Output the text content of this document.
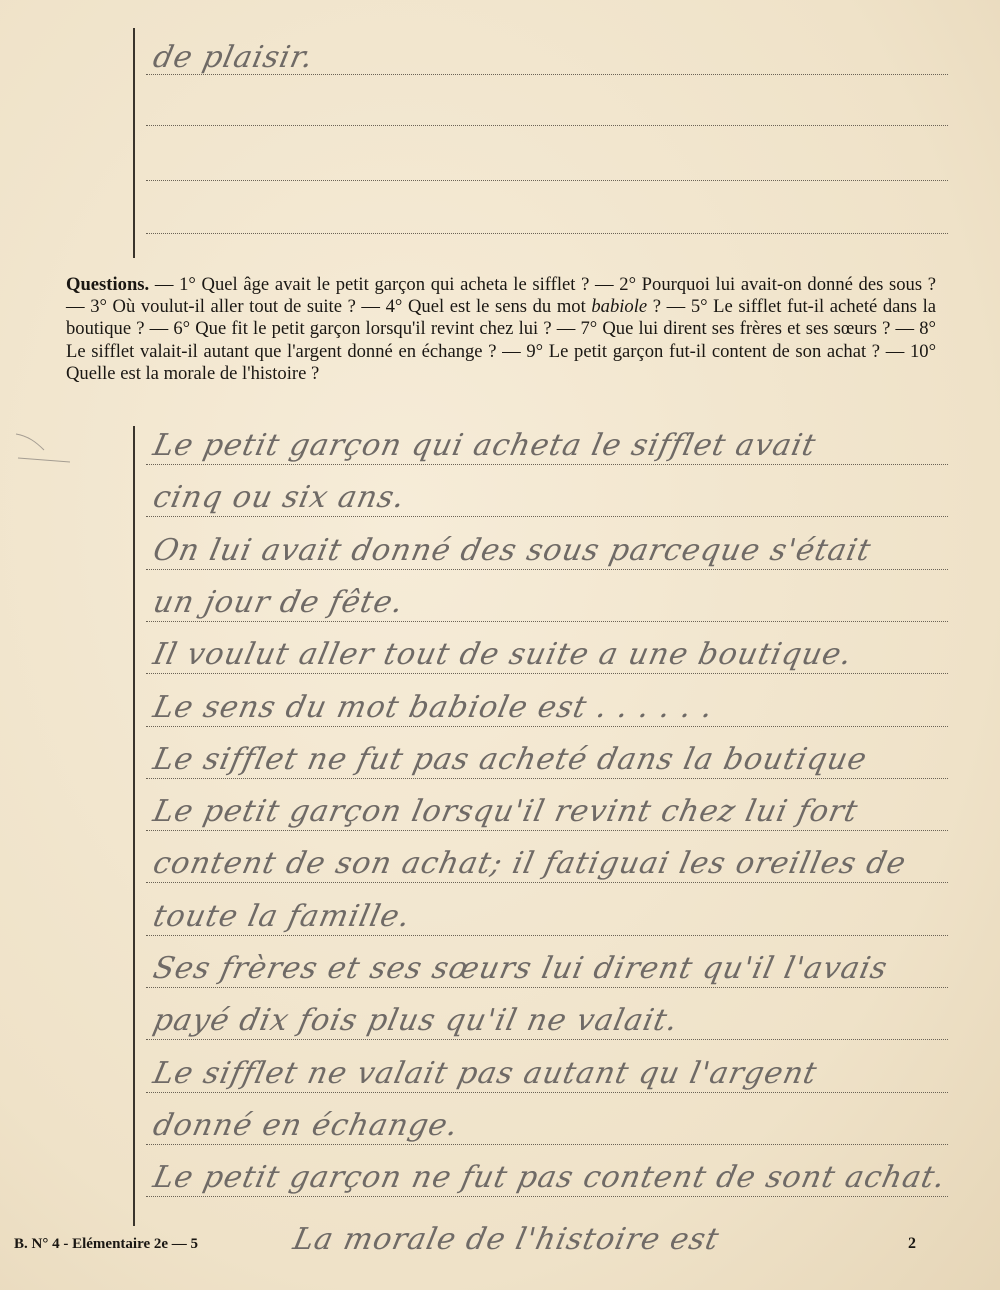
de plaisir.
Questions. — 1° Quel âge avait le petit garçon qui acheta le sifflet ? — 2° Pourquoi lui avait-on donné des sous ? — 3° Où voulut-il aller tout de suite ? — 4° Quel est le sens du mot babiole ? — 5° Le sifflet fut-il acheté dans la boutique ? — 6° Que fit le petit garçon lorsqu'il revint chez lui ? — 7° Que lui dirent ses frères et ses sœurs ? — 8° Le sifflet valait-il autant que l'argent donné en échange ? — 9° Le petit garçon fut-il content de son achat ? — 10° Quelle est la morale de l'histoire ?
Le petit garçon qui acheta le sifflet avait
cinq ou six ans.
On lui avait donné des sous parceque s'était
un jour de fête.
Il voulut aller tout de suite a une boutique.
Le sens du mot babiole est . . . . . .
Le sifflet ne fut pas acheté dans la boutique
Le petit garçon lorsqu'il revint chez lui fort
content de son achat; il fatiguai les oreilles de
toute la famille.
Ses frères et ses sœurs lui dirent qu'il l'avais
payé dix fois plus qu'il ne valait.
Le sifflet ne valait pas autant qu l'argent
donné en échange.
Le petit garçon ne fut pas content de sont achat.
La morale de l'histoire est
B. N° 4 - Elémentaire 2e — 5	2
